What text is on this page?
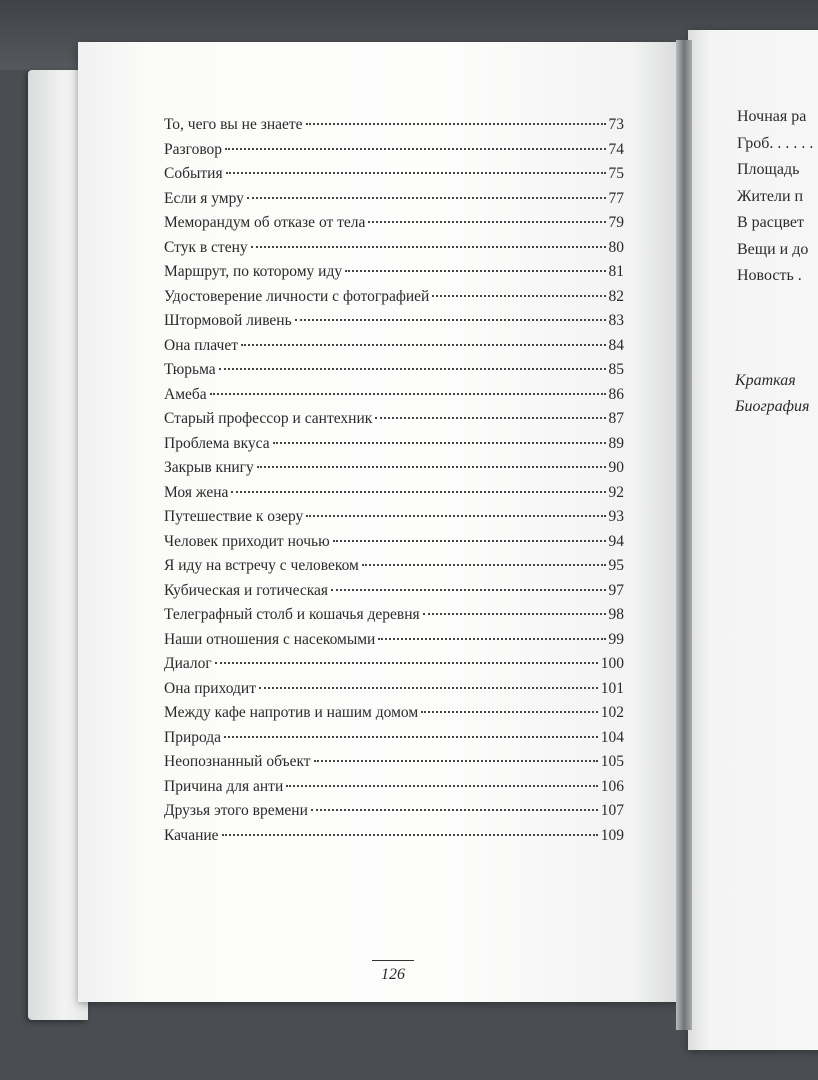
То, чего вы не знаете	73
Разговор	74
События	75
Если я умру	77
Меморандум об отказе от тела	79
Стук в стену	80
Маршрут, по которому иду	81
Удостоверение личности с фотографией	82
Штормовой ливень	83
Она плачет	84
Тюрьма	85
Амеба	86
Старый профессор и сантехник	87
Проблема вкуса	89
Закрыв книгу	90
Моя жена	92
Путешествие к озеру	93
Человек приходит ночью	94
Я иду на встречу с человеком	95
Кубическая и готическая	97
Телеграфный столб и кошачья деревня	98
Наши отношения с насекомыми	99
Диалог	100
Она приходит	101
Между кафе напротив и нашим домом	102
Природа	104
Неопознанный объект	105
Причина для анти	106
Друзья этого времени	107
Качание	109
126
Ночная ра
Гроб. . . . . .
Площадь
Жители п
В расцвет
Вещи и до
Новость .
Краткая
Биография
